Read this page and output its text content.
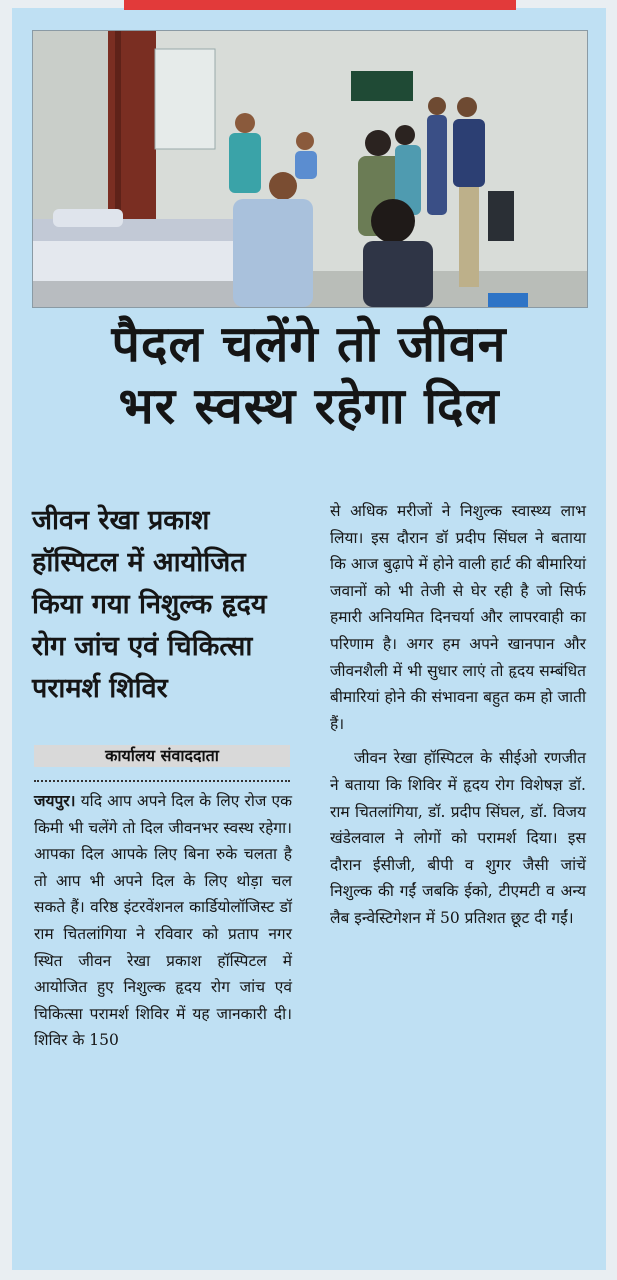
पैदल चलेंगे तो जीवन
भर स्वस्थ रहेगा दिल
जीवन रेखा प्रकाश हॉस्पिटल में आयोजित किया गया निशुल्क हृदय रोग जांच एवं चिकित्सा परामर्श शिविर
कार्यालय संवाददाता

जयपुर। यदि आप अपने दिल के लिए रोज एक किमी भी चलेंगे तो दिल जीवनभर स्वस्थ रहेगा। आपका दिल आपके लिए बिना रुके चलता है तो आप भी अपने दिल के लिए थोड़ा चल सकते हैं। वरिष्ठ इंटरवेंशनल कार्डियोलॉजिस्ट डॉ राम चितलांगिया ने रविवार को प्रताप नगर स्थित जीवन रेखा प्रकाश हॉस्पिटल में आयोजित हुए निशुल्क हृदय रोग जांच एवं चिकित्सा परामर्श शिविर में यह जानकारी दी। शिविर के 150

से अधिक मरीजों ने निशुल्क स्वास्थ्य लाभ लिया। इस दौरान डॉ प्रदीप सिंघल ने बताया कि आज बुढ़ापे में होने वाली हार्ट की बीमारियां जवानों को भी तेजी से घेर रही है जो सिर्फ हमारी अनियमित दिनचर्या और लापरवाही का परिणाम है। अगर हम अपने खानपान और जीवनशैली में भी सुधार लाएं तो हृदय सम्बंधित बीमारियां होने की संभावना बहुत कम हो जाती हैं।

जीवन रेखा हॉस्पिटल के सीईओ रणजीत ने बताया कि शिविर में हृदय रोग विशेषज्ञ डॉ. राम चितलांगिया, डॉ. प्रदीप सिंघल, डॉ. विजय खंडेलवाल ने लोगों को परामर्श दिया। इस दौरान ईसीजी, बीपी व शुगर जैसी जांचें निशुल्क की गईं जबकि ईको, टीएमटी व अन्य लैब इन्वेस्टिगेशन में 50 प्रतिशत छूट दी गईं।
